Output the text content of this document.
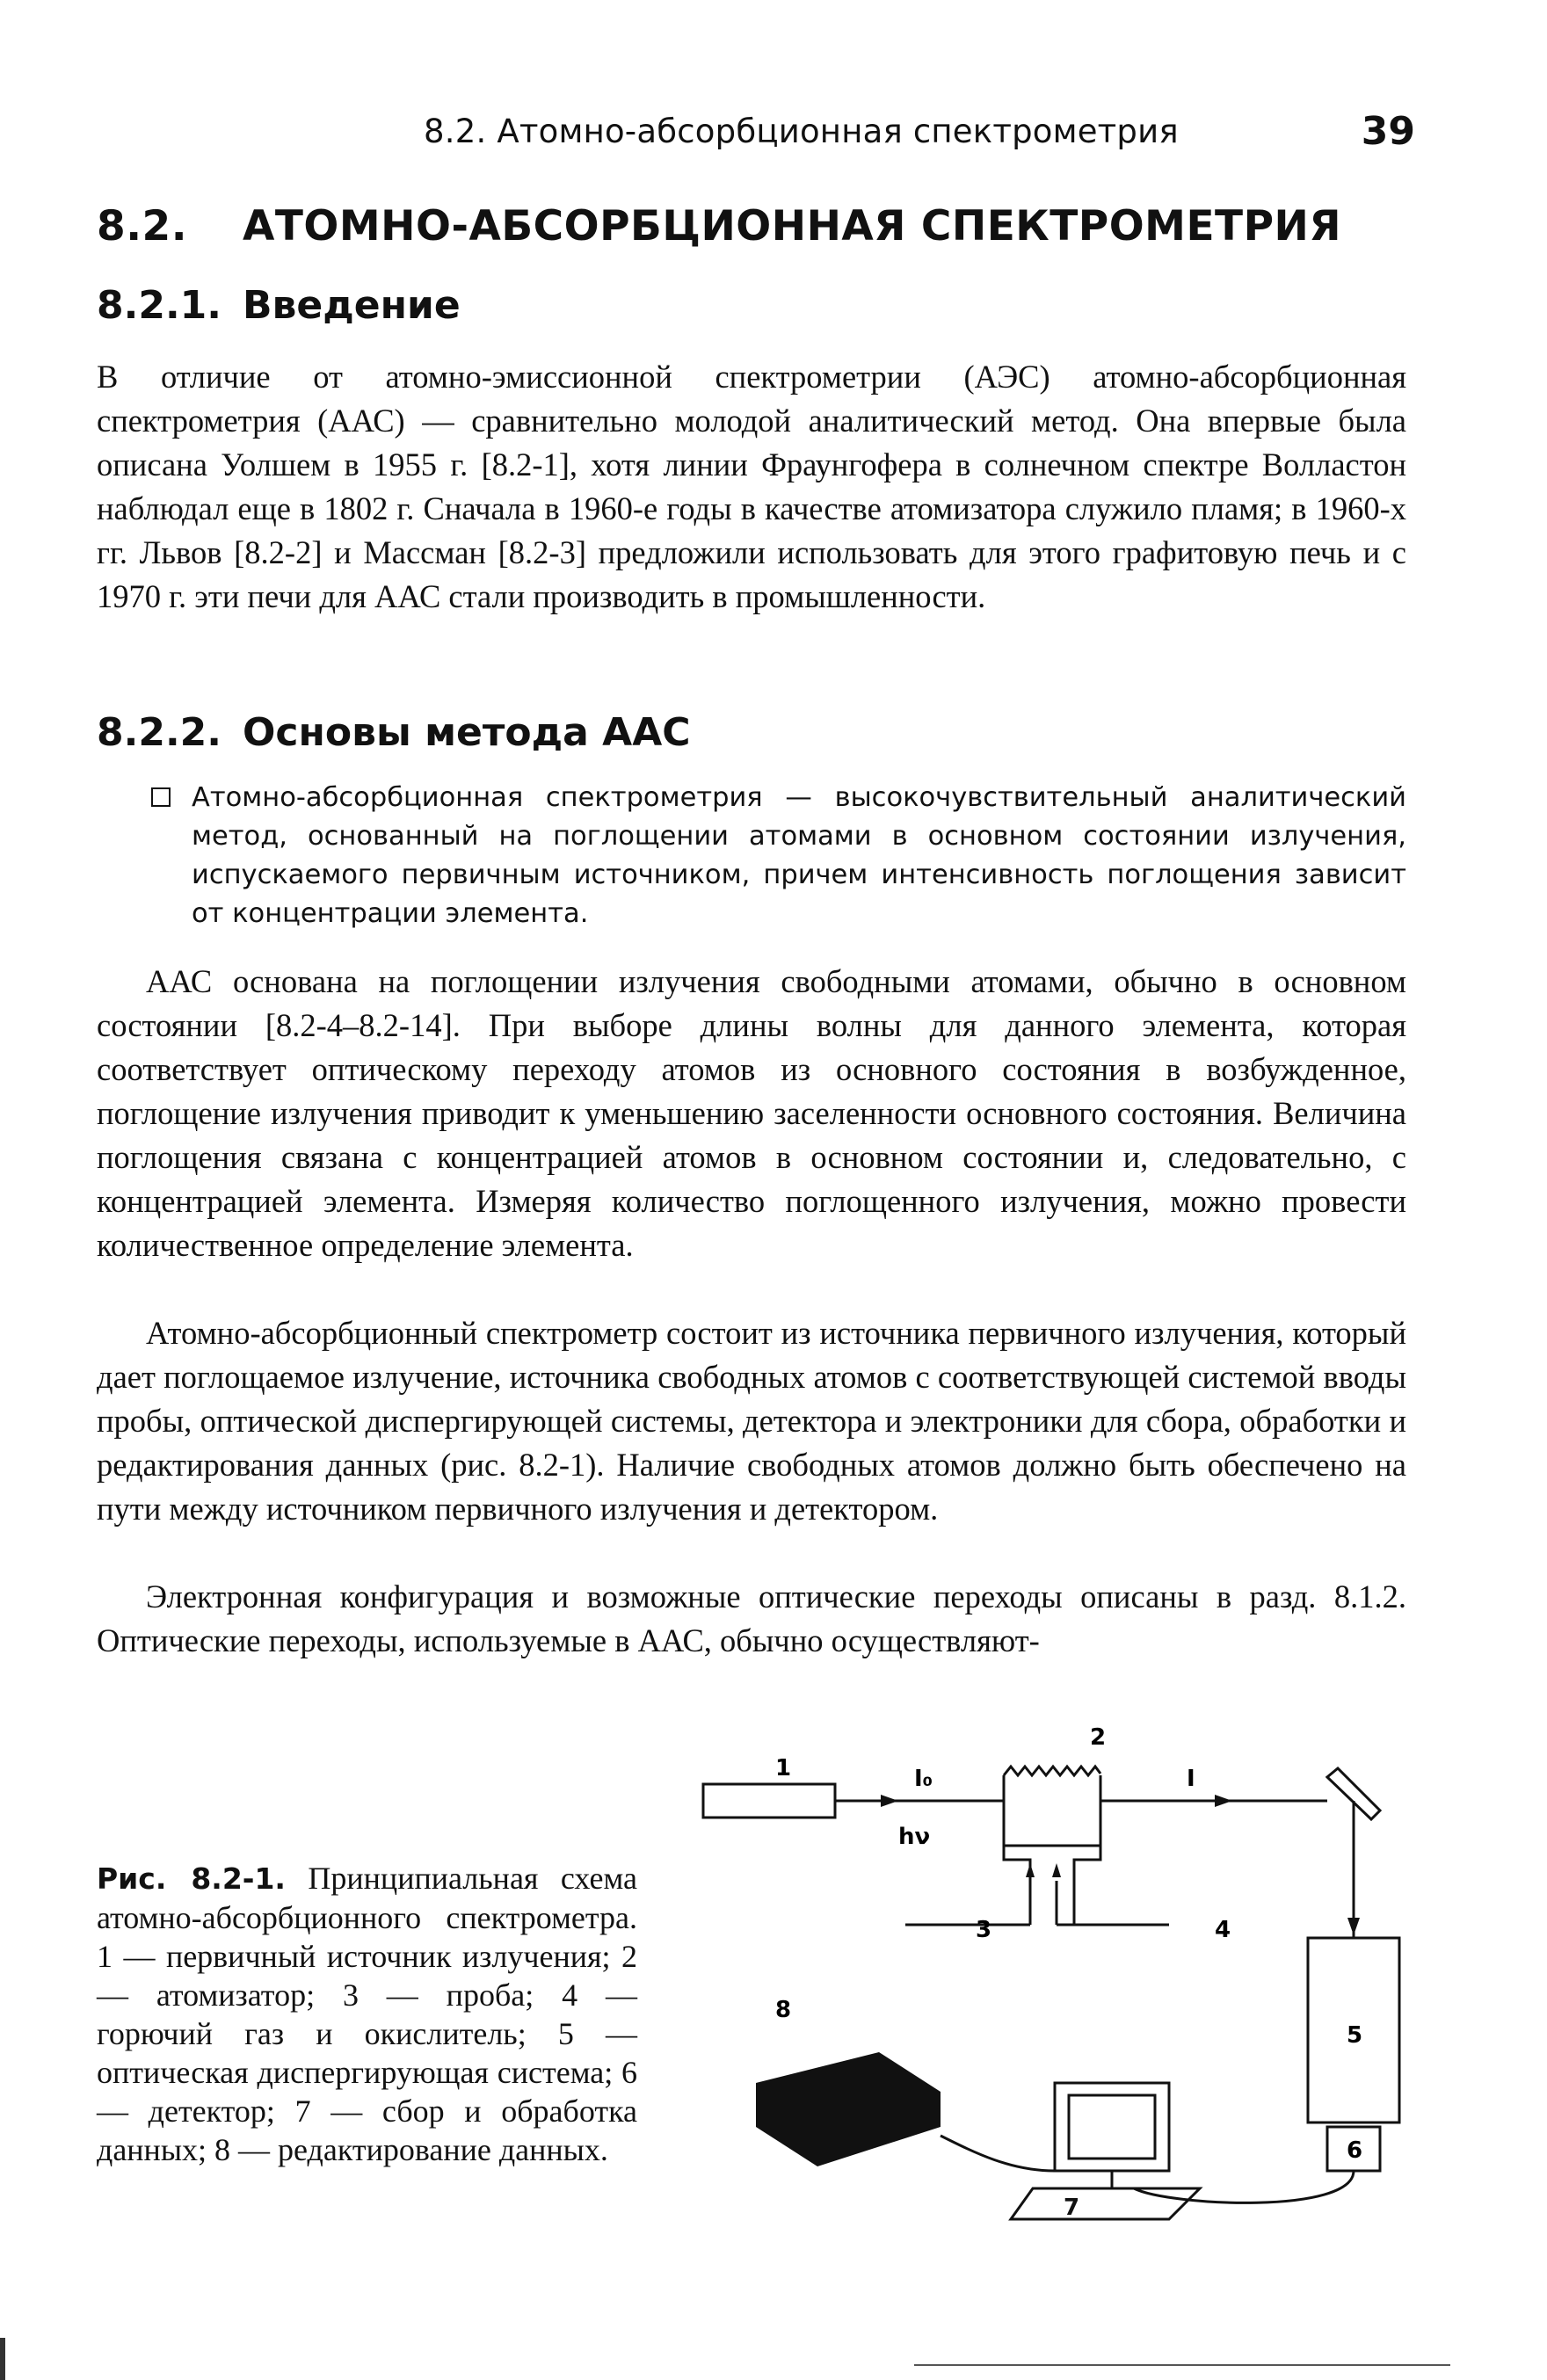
8.2. Атомно-абсорбционная спектрометрия	39
8.2. АТОМНО-АБСОРБЦИОННАЯ СПЕКТРОМЕТРИЯ
8.2.1. Введение

В отличие от атомно-эмиссионной спектрометрии (АЭС) атомно-абсорбционная спектрометрия (ААС) — сравнительно молодой аналитический метод. Она впервые была описана Уолшем в 1955 г. [8.2-1], хотя линии Фраунгофера в солнечном спектре Волластон наблюдал еще в 1802 г. Сначала в 1960-е годы в качестве атомизатора служило пламя; в 1960-х гг. Львов [8.2-2] и Массман [8.2-3] предложили использовать для этого графитовую печь и с 1970 г. эти печи для ААС стали производить в промышленности.

8.2.2. Основы метода ААС
Атомно-абсорбционная спектрометрия — высокочувствительный аналитический метод, основанный на поглощении атомами в основном состоянии излучения, испускаемого первичным источником, причем интенсивность поглощения зависит от концентрации элемента.

ААС основана на поглощении излучения свободными атомами, обычно в основном состоянии [8.2-4–8.2-14]. При выборе длины волны для данного элемента, которая соответствует оптическому переходу атомов из основного состояния в возбужденное, поглощение излучения приводит к уменьшению заселенности основного состояния. Величина поглощения связана с концентрацией атомов в основном состоянии и, следовательно, с концентрацией элемента. Измеряя количество поглощенного излучения, можно провести количественное определение элемента.

Атомно-абсорбционный спектрометр состоит из источника первичного излучения, который дает поглощаемое излучение, источника свободных атомов с соответствующей системой вводы пробы, оптической диспергирующей системы, детектора и электроники для сбора, обработки и редактирования данных (рис. 8.2-1). Наличие свободных атомов должно быть обеспечено на пути между источником первичного излучения и детектором.

Электронная конфигурация и возможные оптические переходы описаны в разд. 8.1.2. Оптические переходы, используемые в ААС, обычно осуществляют-

Рис. 8.2-1. Принципиальная схема атомно-абсорбционного спектрометра. 1 — первичный источник излучения; 2 — атомизатор; 3 — проба; 4 — горючий газ и окислитель; 5 — оптическая диспергирующая система; 6 — детектор; 7 — сбор и обработка данных; 8 — редактирование данных.
1
2
3	4
5
6
8
I₀	I
hν
7
